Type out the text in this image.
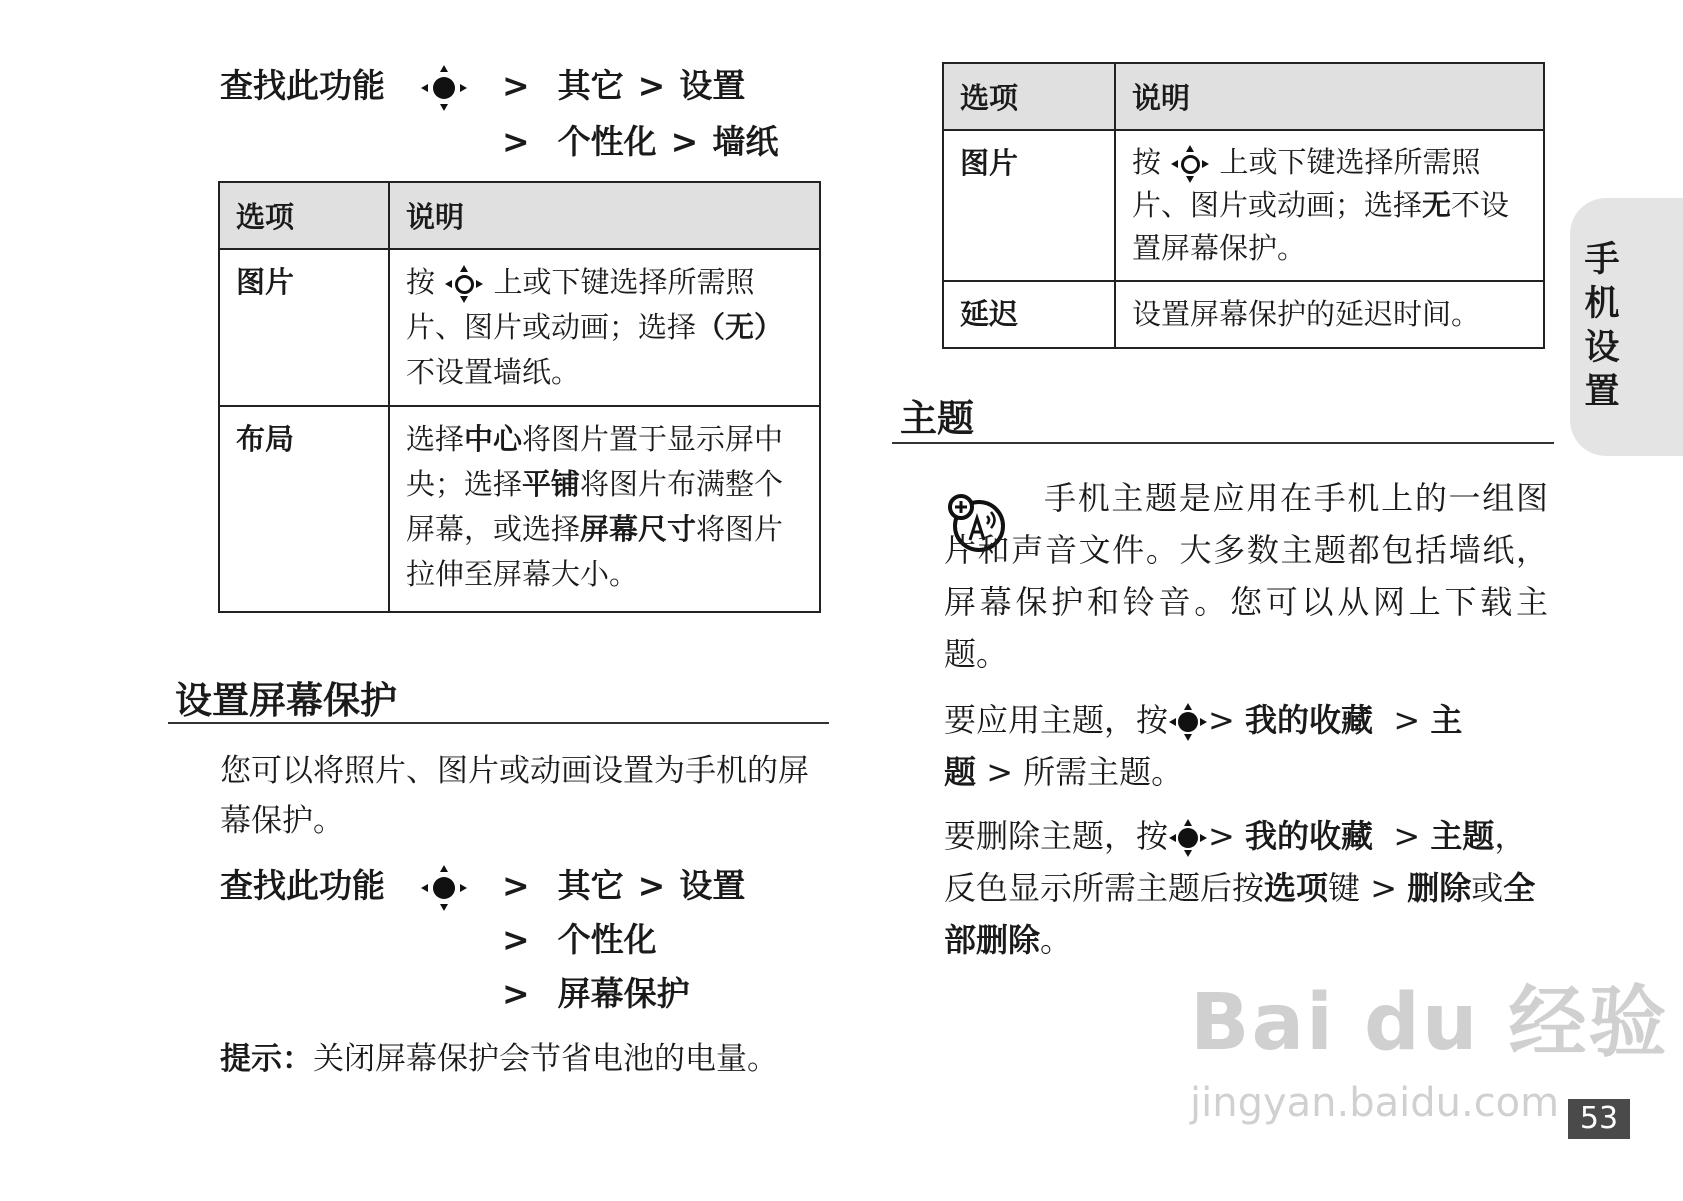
查找此功能	> 其它 > 设置
> 个性化 > 墙纸
选项	说明
图片	按 上或下键选择所需照片、图片或动画；选择（无）不设置墙纸。
布局	选择中心将图片置于显示屏中央；选择平铺将图片布满整个屏幕，或选择屏幕尺寸将图片拉伸至屏幕大小。
设置屏幕保护
您可以将照片、图片或动画设置为手机的屏幕保护。
查找此功能	> 其它 > 设置
> 个性化
> 屏幕保护
提示：关闭屏幕保护会节省电池的电量。
选项	说明
图片	按 上或下键选择所需照片、图片或动画；选择无不设置屏幕保护。
延迟	设置屏幕保护的延迟时间。
主题
手机主题是应用在手机上的一组图片和声音文件。大多数主题都包括墙纸，屏幕保护和铃音。您可以从网上下载主题。
要应用主题，按 > 我的收藏 > 主题 > 所需主题。
要删除主题，按 > 我的收藏 > 主题，反色显示所需主题后按选项键 > 删除或全部删除。
手
机
设
置
Bai du 经验
jingyan.baidu.com 53
